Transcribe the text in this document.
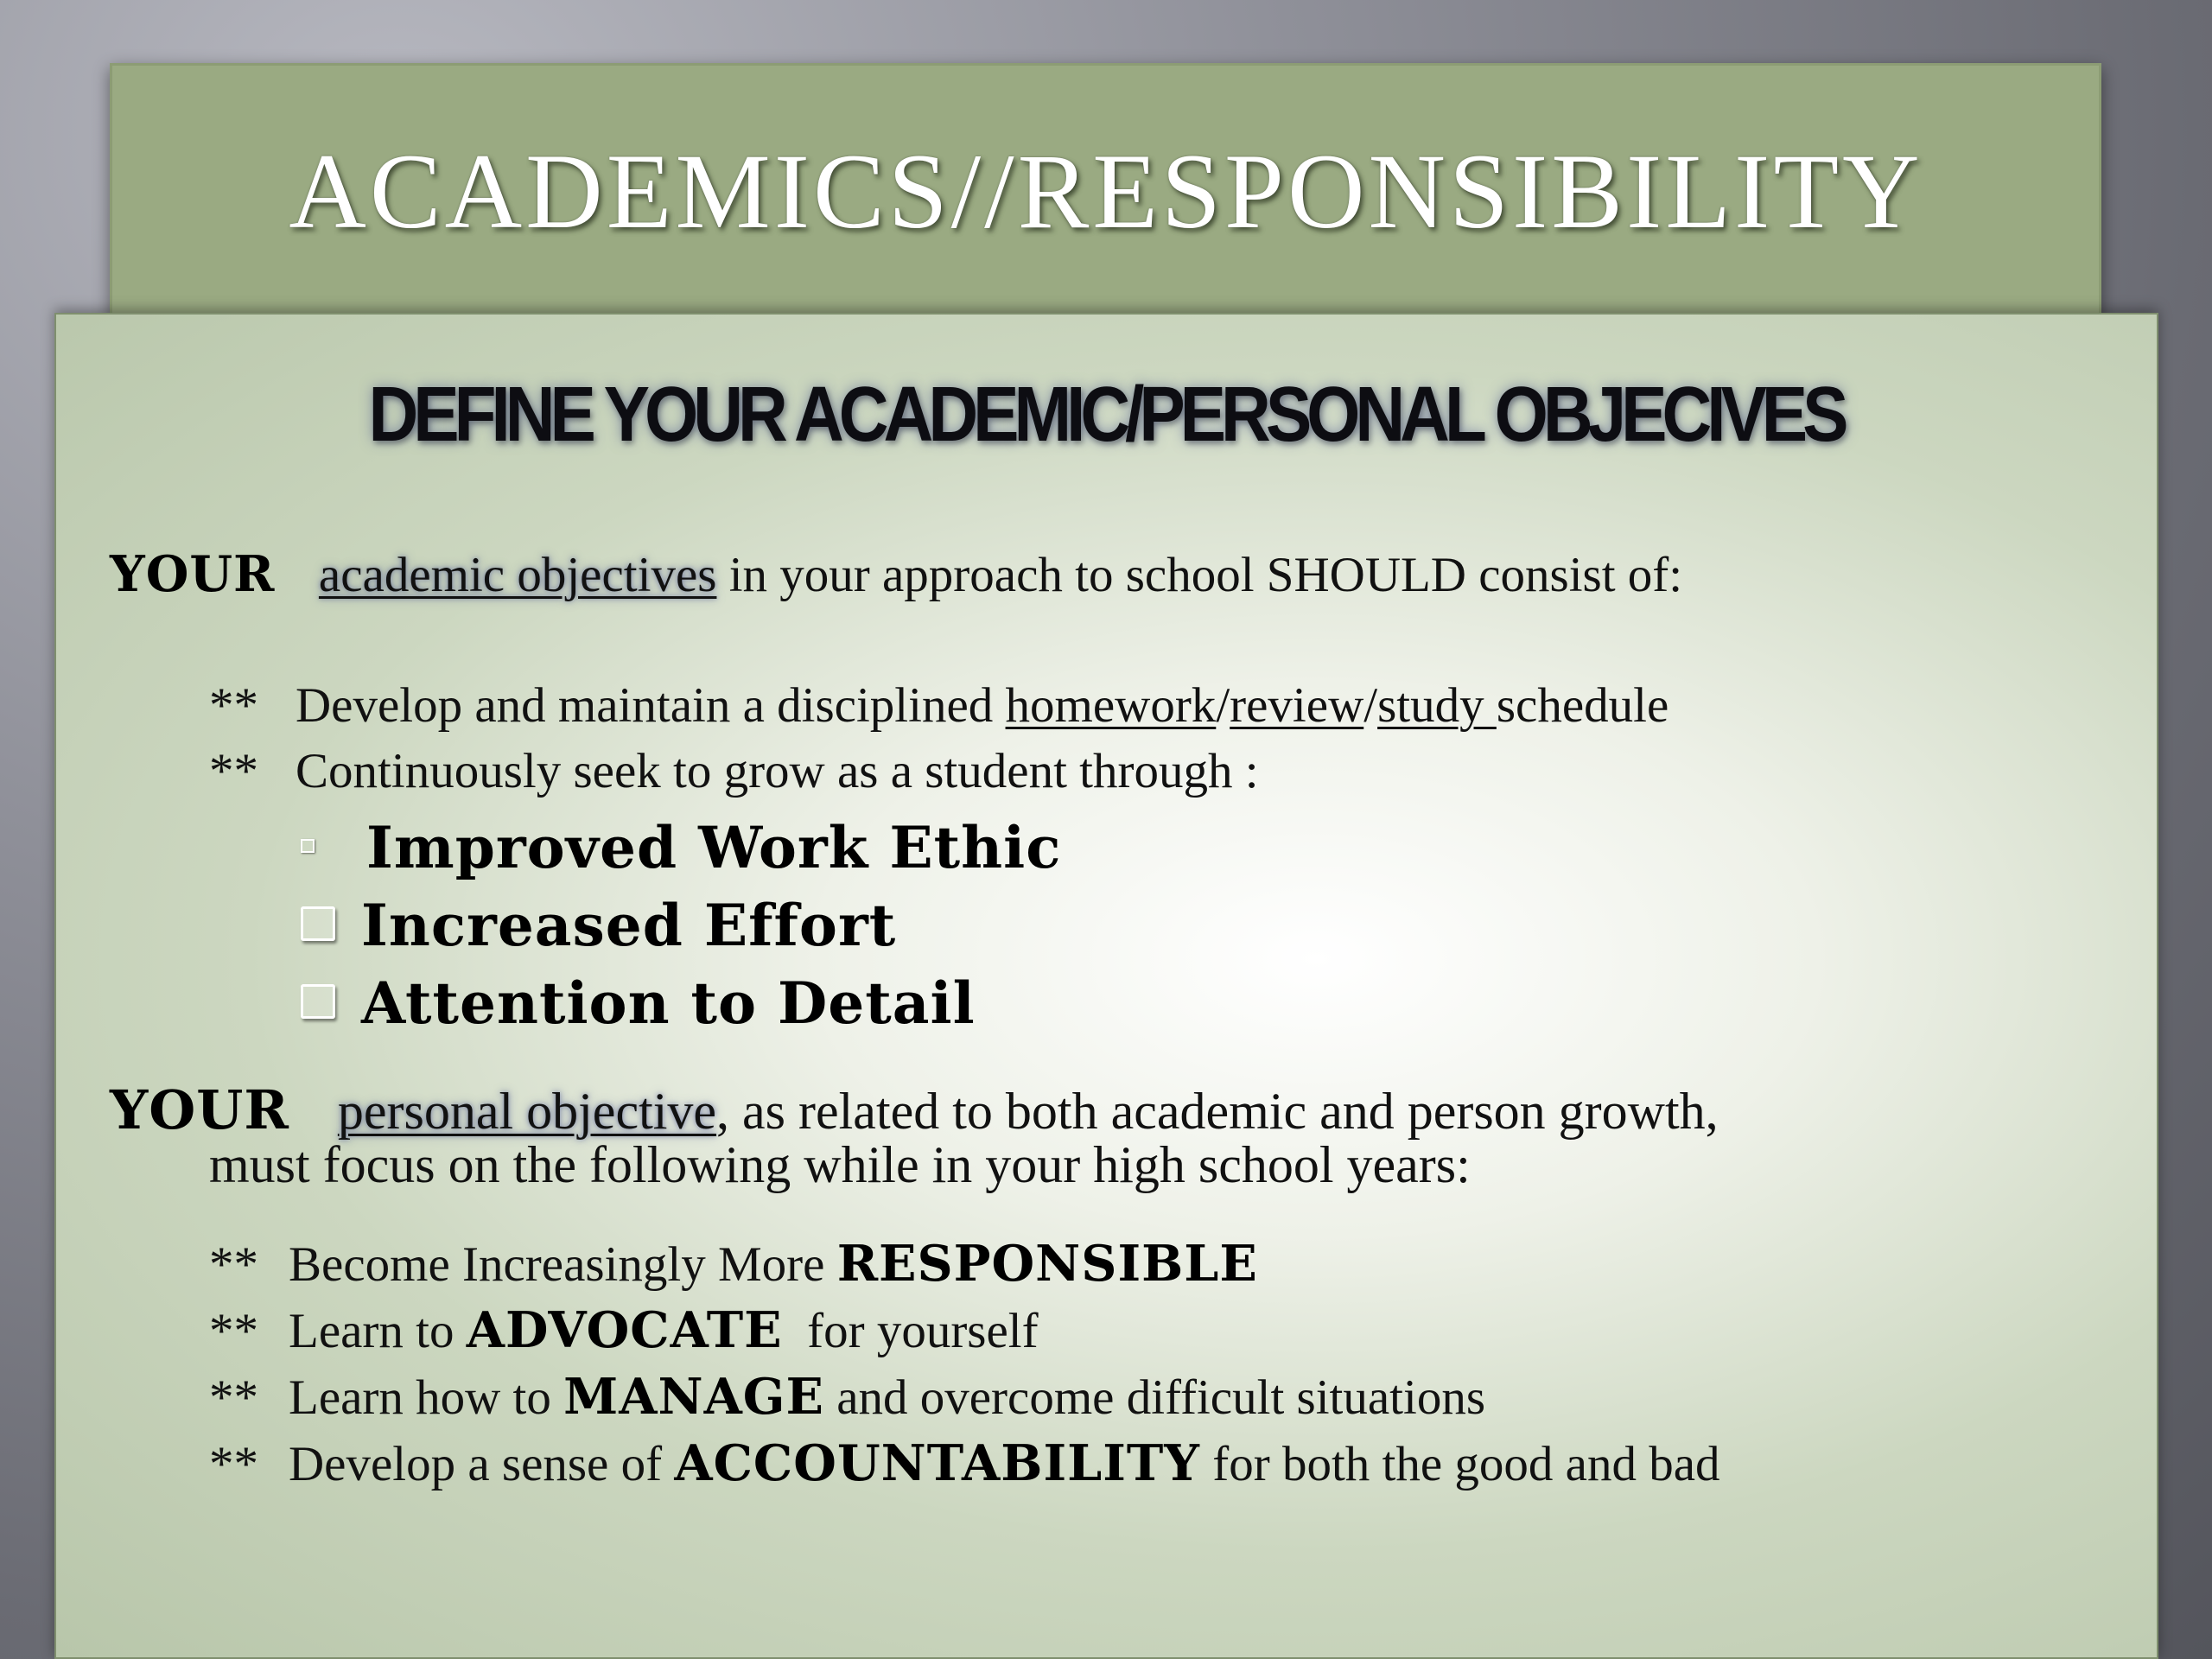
ACADEMICS//RESPONSIBILITY
DEFINE YOUR ACADEMIC/PERSONAL OBJECIVES
YOUR academic objectives in your approach to school SHOULD consist of:
** Develop and maintain a disciplined homework/review/study schedule
** Continuously seek to grow as a student through :
Improved Work Ethic
Increased Effort
Attention to Detail
YOUR personal objective, as related to both academic and person growth,
must focus on the following while in your high school years:
** Become Increasingly More RESPONSIBLE
** Learn to ADVOCATE  for yourself
** Learn how to MANAGE and overcome difficult situations
** Develop a sense of ACCOUNTABILITY for both the good and bad
